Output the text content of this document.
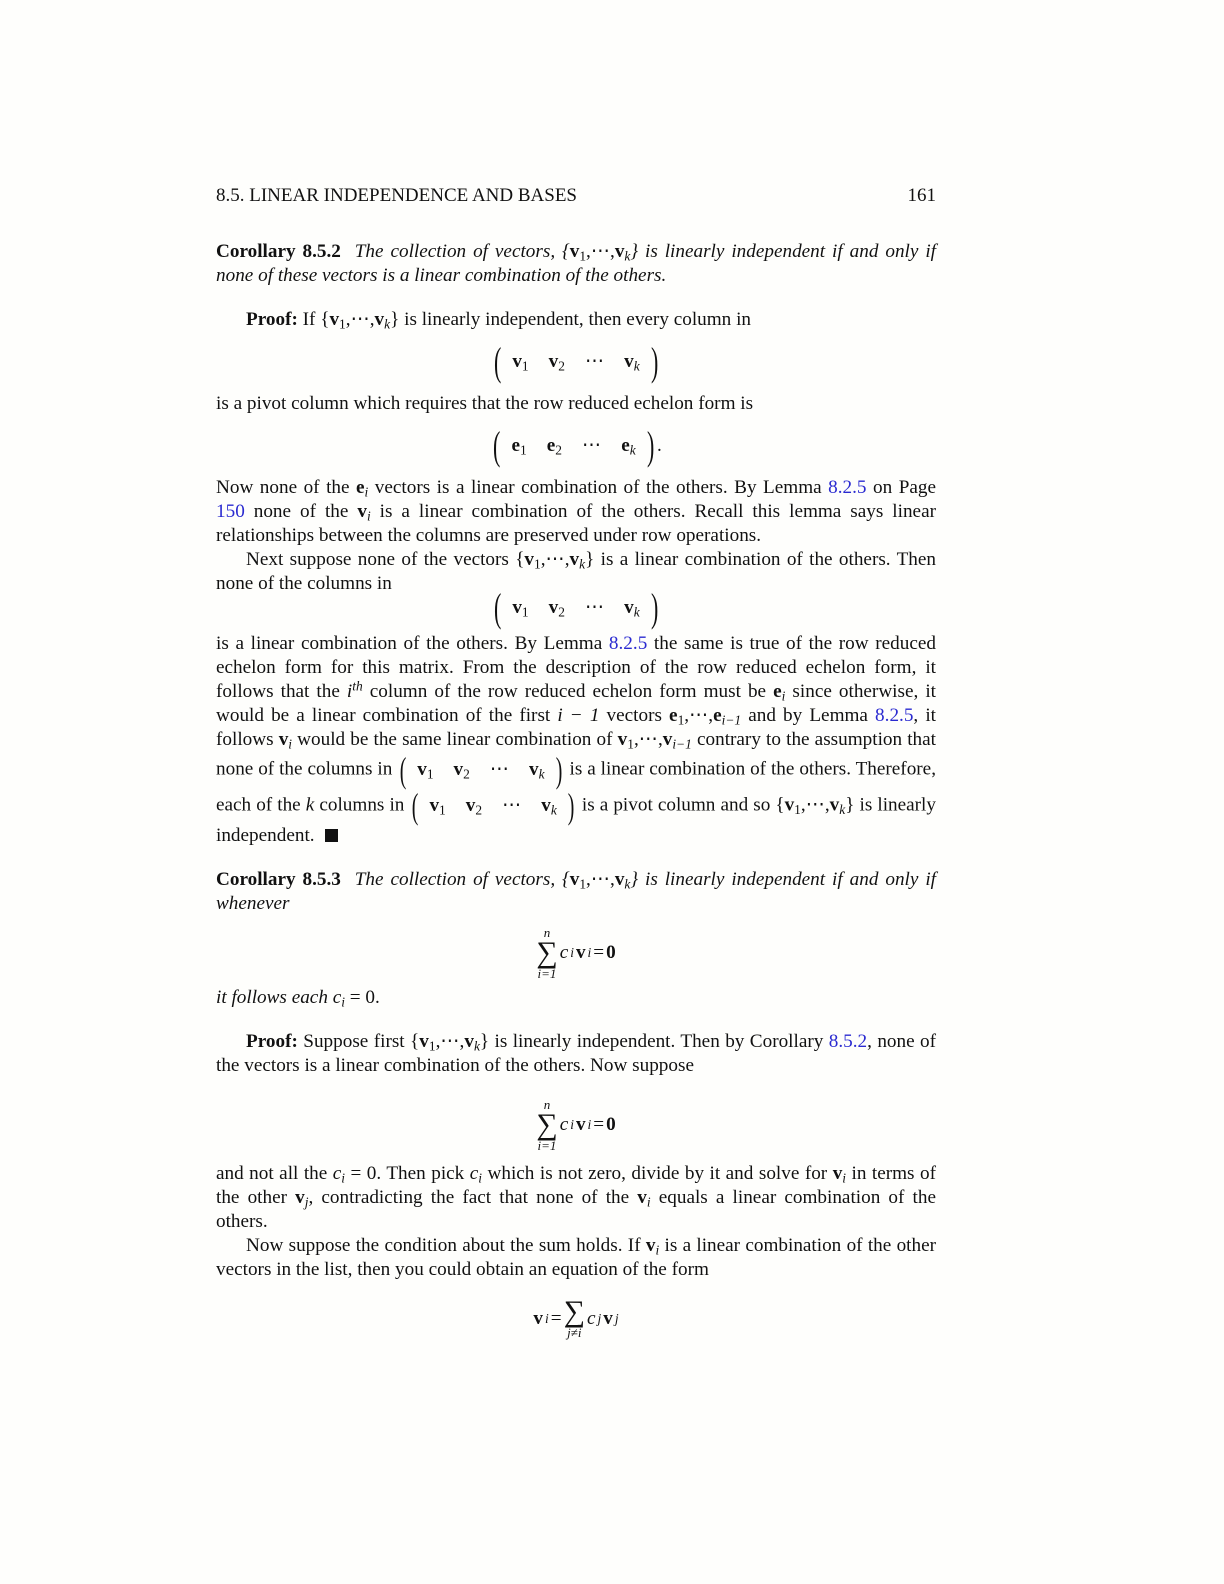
8.5. LINEAR INDEPENDENCE AND BASES	161

Corollary 8.5.2 The collection of vectors, $\{v_1,\cdots,v_k\}$ is linearly independent if and only if none of these vectors is a linear combination of the others.

Proof: If $\{v_1,\cdots,v_k\}$ is linearly independent, then every column in

( $v_1$ $v_2$ ⋯ $v_k$ )

is a pivot column which requires that the row reduced echelon form is

( $e_1$ $e_2$ ⋯ $e_k$ ) .

Now none of the $e_i$ vectors is a linear combination of the others. By Lemma 8.2.5 on Page 150 none of the $v_i$ is a linear combination of the others. Recall this lemma says linear relationships between the columns are preserved under row operations.

Next suppose none of the vectors $\{v_1,\cdots,v_k\}$ is a linear combination of the others. Then none of the columns in

( $v_1$ $v_2$ ⋯ $v_k$ )

is a linear combination of the others. By Lemma 8.2.5 the same is true of the row reduced echelon form for this matrix. From the description of the row reduced echelon form, it follows that the $i^{th}$ column of the row reduced echelon form must be $e_i$ since otherwise, it would be a linear combination of the first i − 1 vectors $e_1,\cdots,e_{i-1}$ and by Lemma 8.2.5, it follows $v_i$ would be the same linear combination of $v_1,\cdots,v_{i-1}$ contrary to the assumption that none of the columns in ( $v_1$ $v_2$ ⋯ $v_k$ ) is a linear combination of the others. Therefore, each of the k columns in ( $v_1$ $v_2$ ⋯ $v_k$ ) is a pivot column and so $\{v_1,\cdots,v_k\}$ is linearly independent.

Corollary 8.5.3 The collection of vectors, $\{v_1,\cdots,v_k\}$ is linearly independent if and only if whenever

n
∑
i=1
c i v i = 0

it follows each $c_i = 0$.

Proof: Suppose first $\{v_1,\cdots,v_k\}$ is linearly independent. Then by Corollary 8.5.2, none of the vectors is a linear combination of the others. Now suppose

n
∑
i=1
c i v i = 0

and not all the $c_i = 0$. Then pick $c_i$ which is not zero, divide by it and solve for $v_i$ in terms of the other $v_j$, contradicting the fact that none of the $v_i$ equals a linear combination of the others.

Now suppose the condition about the sum holds. If $v_i$ is a linear combination of the other vectors in the list, then you could obtain an equation of the form

v i = ∑
j≠i
c j v j
